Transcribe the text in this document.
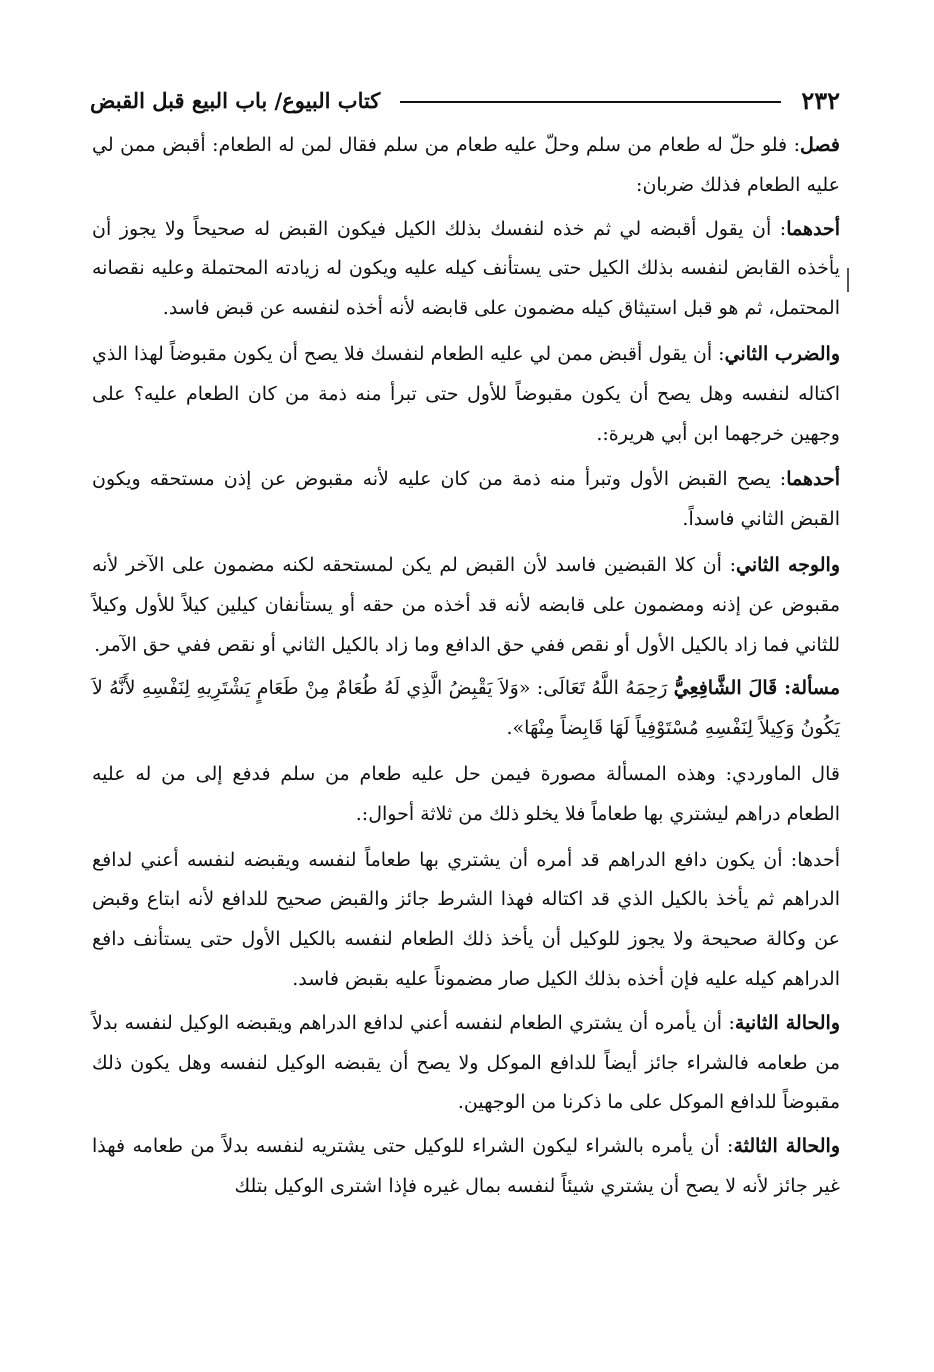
٢٣٢
كتاب البيوع/ باب البيع قبل القبض

فصل: فلو حلّ له طعام من سلم وحلّ عليه طعام من سلم فقال لمن له الطعام: أقبض ممن لي عليه الطعام فذلك ضربان:

أحدهما: أن يقول أقبضه لي ثم خذه لنفسك بذلك الكيل فيكون القبض له صحيحاً ولا يجوز أن يأخذه القابض لنفسه بذلك الكيل حتى يستأنف كيله عليه ويكون له زيادته المحتملة وعليه نقصانه المحتمل، ثم هو قبل استيثاق كيله مضمون على قابضه لأنه أخذه لنفسه عن قبض فاسد.

والضرب الثاني: أن يقول أقبض ممن لي عليه الطعام لنفسك فلا يصح أن يكون مقبوضاً لهذا الذي اكتاله لنفسه وهل يصح أن يكون مقبوضاً للأول حتى تبرأ منه ذمة من كان الطعام عليه؟ على وجهين خرجهما ابن أبي هريرة:.

أحدهما: يصح القبض الأول وتبرأ منه ذمة من كان عليه لأنه مقبوض عن إذن مستحقه ويكون القبض الثاني فاسداً.

والوجه الثاني: أن كلا القبضين فاسد لأن القبض لم يكن لمستحقه لكنه مضمون على الآخر لأنه مقبوض عن إذنه ومضمون على قابضه لأنه قد أخذه من حقه أو يستأنفان كيلين كيلاً للأول وكيلاً للثاني فما زاد بالكيل الأول أو نقص ففي حق الدافع وما زاد بالكيل الثاني أو نقص ففي حق الآمر.

مسألة: قَالَ الشَّافِعِيُّ رَحِمَهُ اللَّهُ تَعَالَى: «وَلاَ يَقْبِضُ الَّذِي لَهُ طُعَامٌ مِنْ طَعَامٍ يَشْتَرِيهِ لِنَفْسِهِ لأَنَّهُ لاَ يَكُونُ وَكِيلاً لِنَفْسِهِ مُسْتَوْفِياً لَهَا قَابِضاً مِنْهَا».

قال الماوردي: وهذه المسألة مصورة فيمن حل عليه طعام من سلم فدفع إلى من له عليه الطعام دراهم ليشتري بها طعاماً فلا يخلو ذلك من ثلاثة أحوال:.

أحدها: أن يكون دافع الدراهم قد أمره أن يشتري بها طعاماً لنفسه ويقبضه لنفسه أعني لدافع الدراهم ثم يأخذ بالكيل الذي قد اكتاله فهذا الشرط جائز والقبض صحيح للدافع لأنه ابتاع وقبض عن وكالة صحيحة ولا يجوز للوكيل أن يأخذ ذلك الطعام لنفسه بالكيل الأول حتى يستأنف دافع الدراهم كيله عليه فإن أخذه بذلك الكيل صار مضموناً عليه بقبض فاسد.

والحالة الثانية: أن يأمره أن يشتري الطعام لنفسه أعني لدافع الدراهم ويقبضه الوكيل لنفسه بدلاً من طعامه فالشراء جائز أيضاً للدافع الموكل ولا يصح أن يقبضه الوكيل لنفسه وهل يكون ذلك مقبوضاً للدافع الموكل على ما ذكرنا من الوجهين.

والحالة الثالثة: أن يأمره بالشراء ليكون الشراء للوكيل حتى يشتريه لنفسه بدلاً من طعامه فهذا غير جائز لأنه لا يصح أن يشتري شيئاً لنفسه بمال غيره فإذا اشترى الوكيل بتلك
